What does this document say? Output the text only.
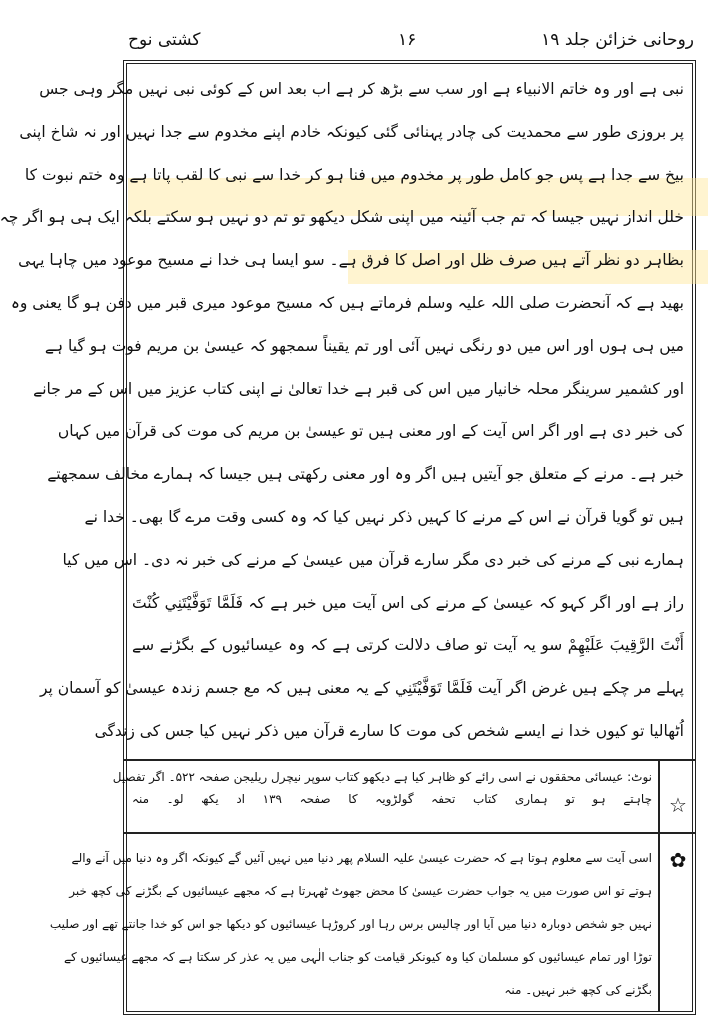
روحانی خزائن جلد ۱۹
۱۶
کشتی نوح
نبی ہے اور وہ خاتم الانبیاء ہے اور سب سے بڑھ کر ہے اب بعد اس کے کوئی نبی نہیں مگر وہی جس
پر بروزی طور سے محمدیت کی چادر پہنائی گئی کیونکہ خادم اپنے مخدوم سے جدا نہیں اور نہ شاخ اپنی
بیخ سے جدا ہے پس جو کامل طور پر مخدوم میں فنا ہو کر خدا سے نبی کا لقب پاتا ہے وہ ختم نبوت کا
خلل انداز نہیں جیسا کہ تم جب آئینہ میں اپنی شکل دیکھو تو تم دو نہیں ہو سکتے بلکہ ایک ہی ہو اگر چہ
بظاہر دو نظر آتے ہیں صرف ظل اور اصل کا فرق ہے۔ سو ایسا ہی خدا نے مسیح موعود میں چاہا یہی
بھید ہے کہ آنحضرت صلی اللہ علیہ وسلم فرماتے ہیں کہ مسیح موعود میری قبر میں دفن ہو گا یعنی وہ
میں ہی ہوں اور اس میں دو رنگی نہیں آئی اور تم یقیناً سمجھو کہ عیسیٰ بن مریم فوت ہو گیا ہے
اور کشمیر سرینگر محلہ خانیار میں اس کی قبر ہے خدا تعالیٰ نے اپنی کتاب عزیز میں اس کے مر جانے
کی خبر دی ہے اور اگر اس آیت کے اور معنی ہیں تو عیسیٰ بن مریم کی موت کی قرآن میں کہاں
خبر ہے۔ مرنے کے متعلق جو آیتیں ہیں اگر وہ اور معنی رکھتی ہیں جیسا کہ ہمارے مخالف سمجھتے
ہیں تو گویا قرآن نے اس کے مرنے کا کہیں ذکر نہیں کیا کہ وہ کسی وقت مرے گا بھی۔ خدا نے
ہمارے نبی کے مرنے کی خبر دی مگر سارے قرآن میں عیسیٰ کے مرنے کی خبر نہ دی۔ اس میں کیا
راز ہے اور اگر کہو کہ عیسیٰ کے مرنے کی اس آیت میں خبر ہے کہ فَلَمَّا تَوَفَّيْتَنِي كُنْتَ
أَنْتَ الرَّقِيبَ عَلَيْهِمْ سو یہ آیت تو صاف دلالت کرتی ہے کہ وہ عیسائیوں کے بگڑنے سے
پہلے مر چکے ہیں غرض اگر آیت فَلَمَّا تَوَفَّيْتَنِي کے یہ معنی ہیں کہ مع جسم زندہ عیسیٰ کو آسمان پر
اُٹھالیا تو کیوں خدا نے ایسے شخص کی موت کا سارے قرآن میں ذکر نہیں کیا جس کی زندگی
☆
✿
نوٹ: عیسائی محققوں نے اسی رائے کو ظاہر کیا ہے دیکھو کتاب سوپر نیچرل ریلیجن صفحہ ۵۲۲۔ اگر تفصیل
چاہتے ہو تو ہماری کتاب تحفہ گولڑویہ کا صفحہ ۱۳۹ اد یکھ لو۔ منہ
اسی آیت سے معلوم ہوتا ہے کہ حضرت عیسیٰ علیہ السلام پھر دنیا میں نہیں آئیں گے کیونکہ اگر وہ دنیا میں آنے والے
ہوتے تو اس صورت میں یہ جواب حضرت عیسیٰ کا محض جھوٹ ٹھہرتا ہے کہ مجھے عیسائیوں کے بگڑنے کی کچھ خبر
نہیں جو شخص دوبارہ دنیا میں آیا اور چالیس برس رہا اور کروڑہا عیسائیوں کو دیکھا جو اس کو خدا جانتے تھے اور صلیب
توڑا اور تمام عیسائیوں کو مسلمان کیا وہ کیونکر قیامت کو جناب الٰہی میں یہ عذر کر سکتا ہے کہ مجھے عیسائیوں کے
بگڑنے کی کچھ خبر نہیں۔ منہ
